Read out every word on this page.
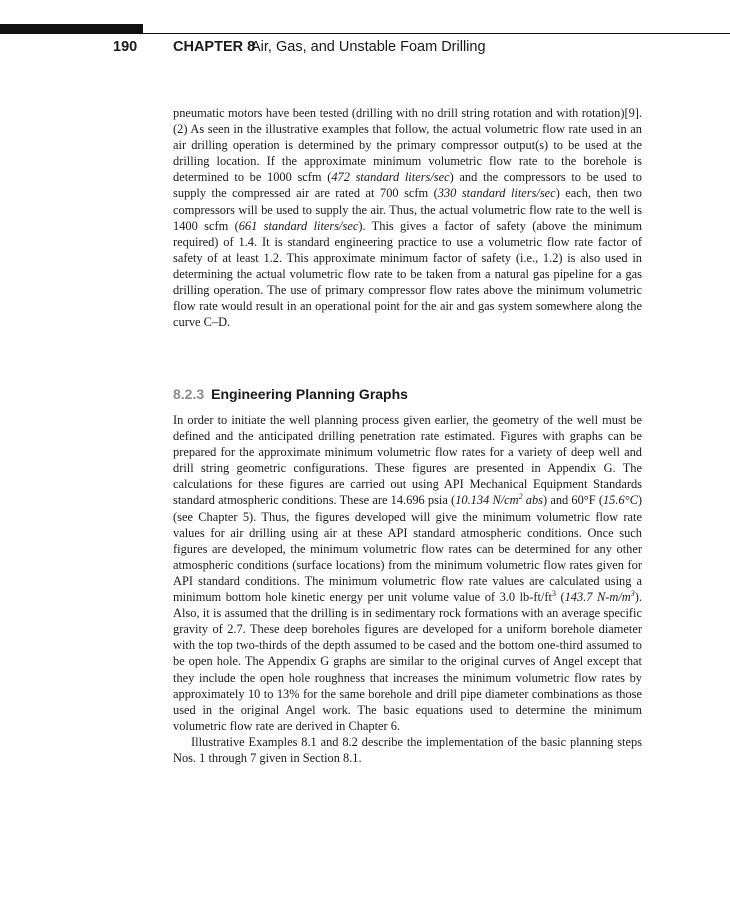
190 CHAPTER 8
Air, Gas, and Unstable Foam Drilling

pneumatic motors have been tested (drilling with no drill string rotation and with rotation)[9]. (2) As seen in the illustrative examples that follow, the actual volumetric flow rate used in an air drilling operation is determined by the primary compressor output(s) to be used at the drilling location. If the approximate minimum volumetric flow rate to the borehole is determined to be 1000 scfm (472 standard liters/sec) and the compressors to be used to supply the compressed air are rated at 700 scfm (330 standard liters/sec) each, then two compressors will be used to supply the air. Thus, the actual volumetric flow rate to the well is 1400 scfm (661 standard liters/sec). This gives a factor of safety (above the minimum required) of 1.4. It is standard engineering practice to use a volumetric flow rate factor of safety of at least 1.2. This approximate minimum factor of safety (i.e., 1.2) is also used in determining the actual volumetric flow rate to be taken from a natural gas pipeline for a gas drilling operation. The use of primary compressor flow rates above the minimum volumetric flow rate would result in an operational point for the air and gas system somewhere along the curve C–D.

8.2.3 Engineering Planning Graphs

In order to initiate the well planning process given earlier, the geometry of the well must be defined and the anticipated drilling penetration rate estimated. Figures with graphs can be prepared for the approximate minimum volumetric flow rates for a variety of deep well and drill string geometric configurations. These figures are presented in Appendix G. The calculations for these figures are carried out using API Mechanical Equipment Standards standard atmospheric conditions. These are 14.696 psia (10.134 $N/cm^2$ abs) and 60°F (15.6°C) (see Chapter 5). Thus, the figures developed will give the minimum volumetric flow rate values for air drilling using air at these API standard atmospheric conditions. Once such figures are developed, the minimum volumetric flow rates can be determined for any other atmospheric conditions (surface locations) from the minimum volumetric flow rates given for API standard conditions. The minimum volumetric flow rate values are calculated using a minimum bottom hole kinetic energy per unit volume value of 3.0 $lb-ft/ft^3$ (143.7 $N-m/m^3$). Also, it is assumed that the drilling is in sedimentary rock formations with an average specific gravity of 2.7. These deep boreholes figures are developed for a uniform borehole diameter with the top two-thirds of the depth assumed to be cased and the bottom one-third assumed to be open hole. The Appendix G graphs are similar to the original curves of Angel except that they include the open hole roughness that increases the minimum volumetric flow rates by approximately 10 to 13% for the same borehole and drill pipe diameter combinations as those used in the original Angel work. The basic equations used to determine the minimum volumetric flow rate are derived in Chapter 6.

Illustrative Examples 8.1 and 8.2 describe the implementation of the basic planning steps Nos. 1 through 7 given in Section 8.1.
